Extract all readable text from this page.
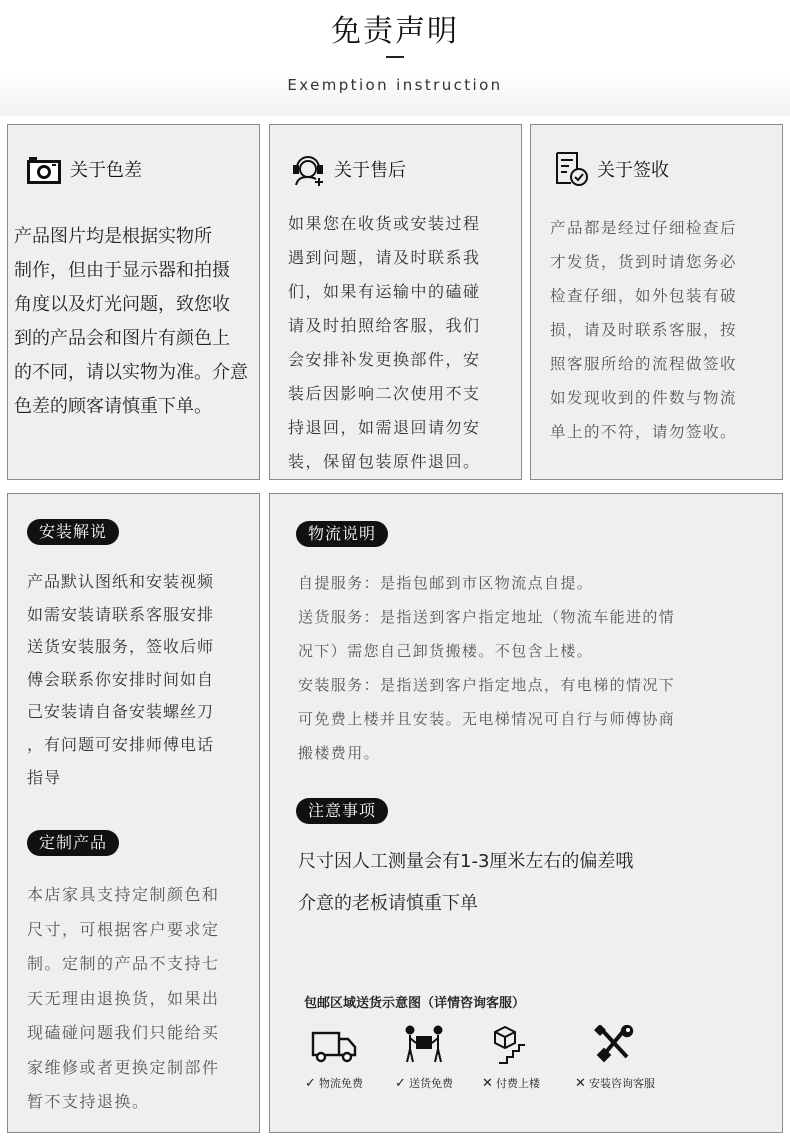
免责声明
Exemption instruction
关于色差
产品图片均是根据实物所
制作，但由于显示器和拍摄
角度以及灯光问题，致您收
到的产品会和图片有颜色上
的不同，请以实物为准。介意
色差的顾客请慎重下单。
关于售后
如果您在收货或安装过程
遇到问题，请及时联系我
们，如果有运输中的磕碰
请及时拍照给客服，我们
会安排补发更换部件，安
装后因影响二次使用不支
持退回，如需退回请勿安
装，保留包装原件退回。
关于签收
产品都是经过仔细检查后
才发货，货到时请您务必
检查仔细，如外包装有破
损，请及时联系客服，按
照客服所给的流程做签收
如发现收到的件数与物流
单上的不符，请勿签收。
安装解说
产品默认图纸和安装视频
如需安装请联系客服安排
送货安装服务，签收后师
傅会联系你安排时间如自
己安装请自备安装螺丝刀
，有问题可安排师傅电话
指导
定制产品
本店家具支持定制颜色和
尺寸，可根据客户要求定
制。定制的产品不支持七
天无理由退换货，如果出
现磕碰问题我们只能给买
家维修或者更换定制部件
暂不支持退换。
物流说明
自提服务：是指包邮到市区物流点自提。
送货服务：是指送到客户指定地址（物流车能进的情
况下）需您自己卸货搬楼。不包含上楼。
安装服务：是指送到客户指定地点，有电梯的情况下
可免费上楼并且安装。无电梯情况可自行与师傅协商
搬楼费用。
注意事项
尺寸因人工测量会有1-3厘米左右的偏差哦
介意的老板请慎重下单
包邮区域送货示意图（详情咨询客服）
✓ 物流免费	✓ 送货免费	✕ 付费上楼	✕ 安装咨询客服
